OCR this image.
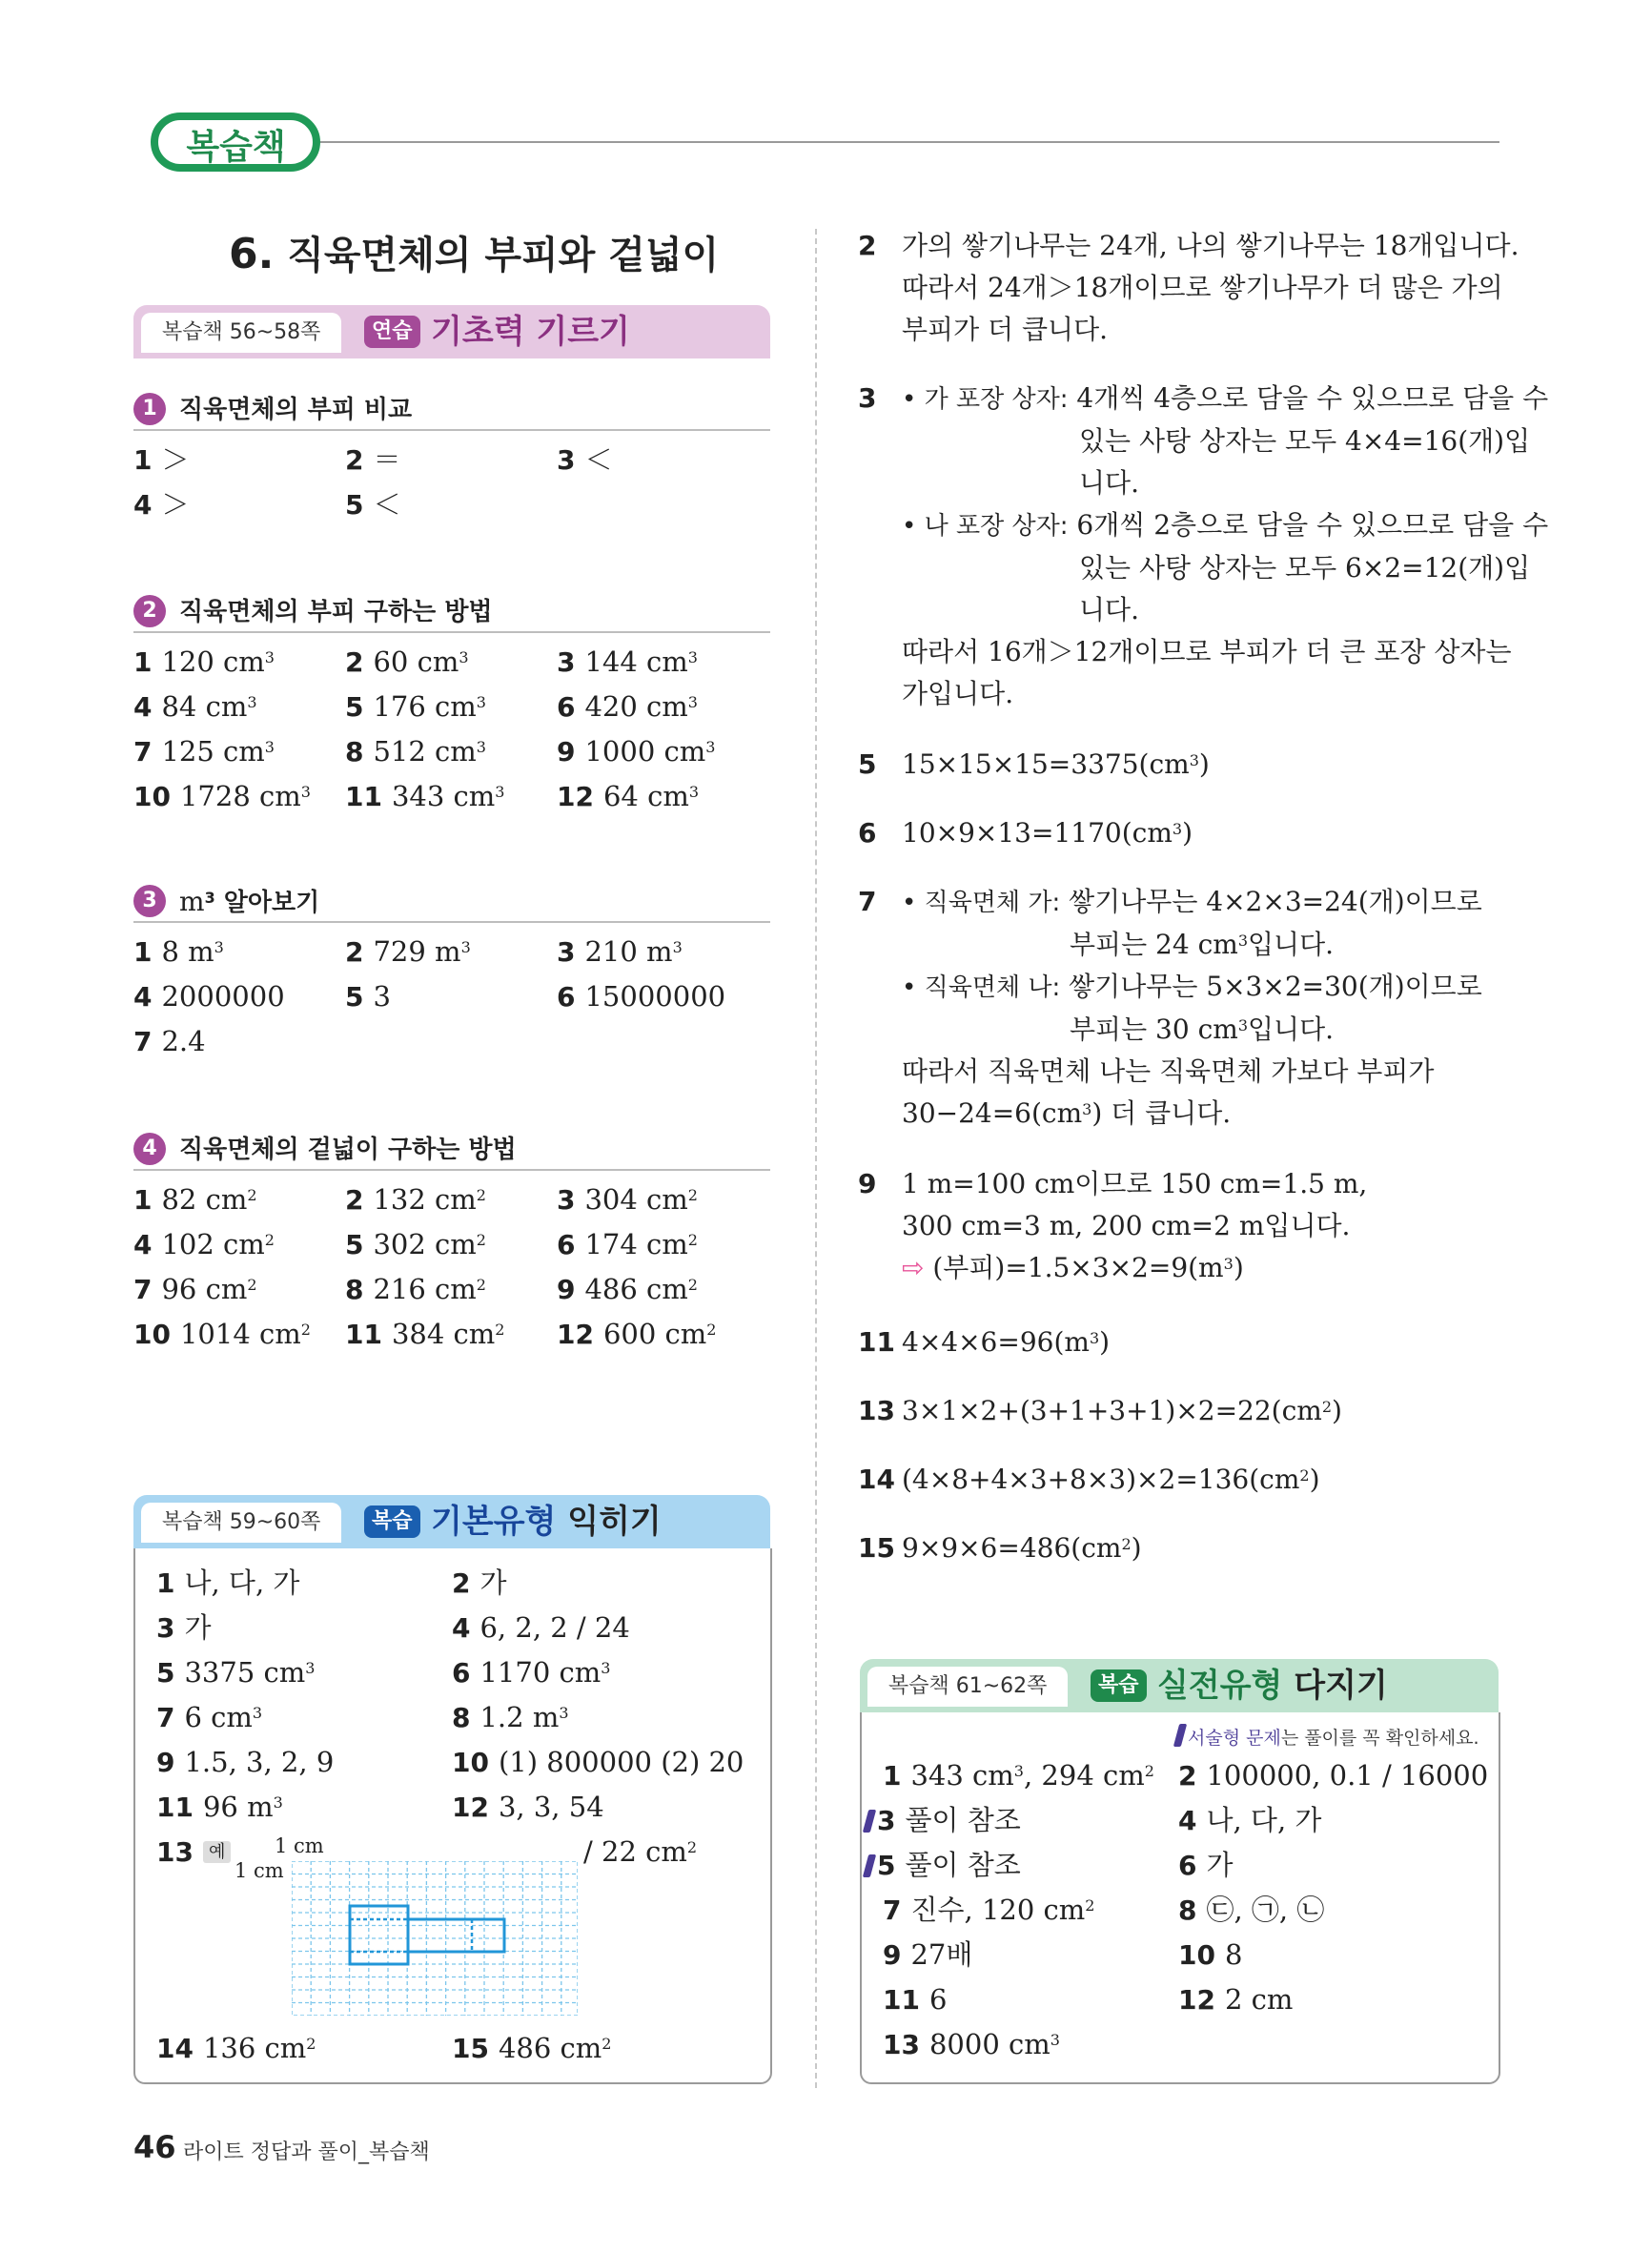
복습책
6. 직육면체의 부피와 겉넓이
복습책 56~58쪽	연습 기초력 기르기
1 직육면체의 부피 비교
1 ＞	2 ＝	3 ＜
4 ＞	5 ＜
2 직육면체의 부피 구하는 방법
1 120 $cm^3$	2 60 $cm^3$	3 144 $cm^3$
4 84 $cm^3$	5 176 $cm^3$	6 420 $cm^3$
7 125 $cm^3$	8 512 $cm^3$	9 1000 $cm^3$
10 1728 $cm^3$ 11 343 $cm^3$ 12 64 $cm^3$
3 $m^3$ 알아보기
1 8 $m^3$	2 729 $m^3$	3 210 $m^3$
4 2000000 5 3	6 15000000
7 2.4
4 직육면체의 겉넓이 구하는 방법
1 82 $cm^2$	2 132 $cm^2$	3 304 $cm^2$
4 102 $cm^2$	5 302 $cm^2$	6 174 $cm^2$
7 96 $cm^2$	8 216 $cm^2$	9 486 $cm^2$
10 1014 $cm^2$ 11 384 $cm^2$ 12 600 $cm^2$
복습책 59~60쪽	복습 기본유형 익히기
1 나, 다, 가	2 가
3 가	4 6, 2, 2 / 24
5 3375 $cm^3$	6 1170 $cm^3$
7 6 $cm^3$	8 1.2 $m^3$
9 1.5, 3, 2, 9	10 (1) 800000 (2) 20
11 96 $m^3$	12 3, 3, 54
14 136 $cm^2$	15 486 $cm^2$
13 예 1 cm
1 cm
/ 22 $cm^2$
2 가의 쌓기나무는 24개, 나의 쌓기나무는 18개입니다.
따라서 24개＞18개이므로 쌓기나무가 더 많은 가의
부피가 더 큽니다.
3 • 가 포장 상자: 4개씩 4층으로 담을 수 있으므로 담을 수
있는 사탕 상자는 모두 4×4=16(개)입
니다.
• 나 포장 상자: 6개씩 2층으로 담을 수 있으므로 담을 수
있는 사탕 상자는 모두 6×2=12(개)입
니다.
따라서 16개＞12개이므로 부피가 더 큰 포장 상자는
가입니다.
5 $15\times 15\times 15=3375(cm^3)$
6 $10\times 9\times 13=1170(cm^3)$
7 • 직육면체 가: 쌓기나무는 4×2×3=24(개)이므로
부피는 24 $cm^3$입니다.
• 직육면체 나: 쌓기나무는 5×3×2=30(개)이므로
부피는 30 $cm^3$입니다.
따라서 직육면체 나는 직육면체 가보다 부피가
$30-24=6(cm^3)$ 더 큽니다.
9 1 m=100 cm이므로 150 cm=1.5 m,
300 cm=3 m, 200 cm=2 m입니다.
⇨ (부피)$=1.5\times 3\times 2=9(m^3)$
11 $4\times 4\times 6=96(m^3)$
13 $3\times 1\times 2+(3+1+3+1)\times 2=22(cm^2)$
14 $(4\times 8+4\times 3+8\times 3)\times 2=136(cm^2)$
15 $9\times 9\times 6=486(cm^2)$
복습책 61~62쪽	복습 실전유형 다지기
서술형 문제는 풀이를 꼭 확인하세요.
1 343 $cm^3$, 294 $cm^2$ 2 100000, 0.1 / 16000
3 풀이 참조	4 나, 다, 가
5 풀이 참조	6 가
7 진수, 120 $cm^2$	8 ㉢, ㉠, ㉡
9 27배	10 8
11 6	12 2 cm
13 8000 $cm^3$
46 라이트 정답과 풀이_복습책
